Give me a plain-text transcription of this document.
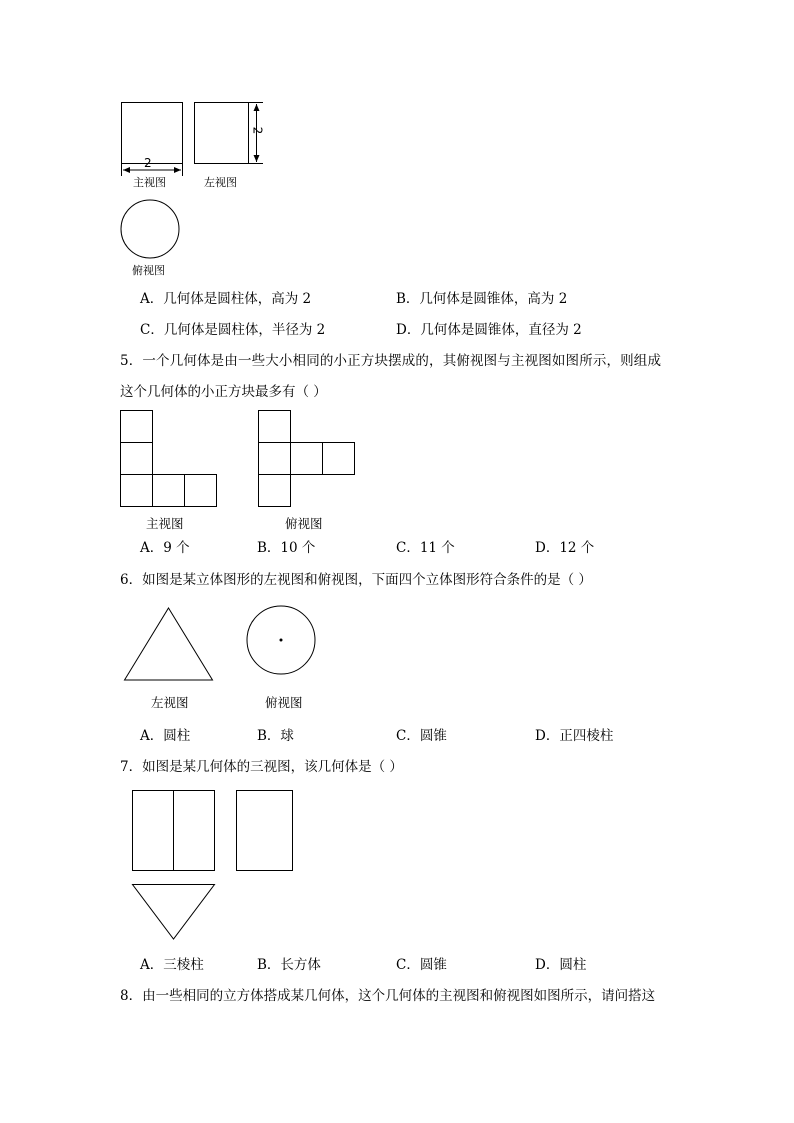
2
2
主视图	左视图
俯视图
A．几何体是圆柱体，高为 2	B．几何体是圆锥体，高为 2
C．几何体是圆柱体，半径为 2	D．几何体是圆锥体，直径为 2
5．一个几何体是由一些大小相同的小正方块摆成的，其俯视图与主视图如图所示，则组成
这个几何体的小正方块最多有（ ）
主视图	俯视图
A．9 个	B．10 个	C．11 个	D．12 个
6．如图是某立体图形的左视图和俯视图，下面四个立体图形符合条件的是（ ）
左视图	俯视图
A．圆柱	B．球	C．圆锥	D．正四棱柱
7．如图是某几何体的三视图，该几何体是（ ）
A．三棱柱	B．长方体	C．圆锥	D．圆柱
8．由一些相同的立方体搭成某几何体，这个几何体的主视图和俯视图如图所示，请问搭这
